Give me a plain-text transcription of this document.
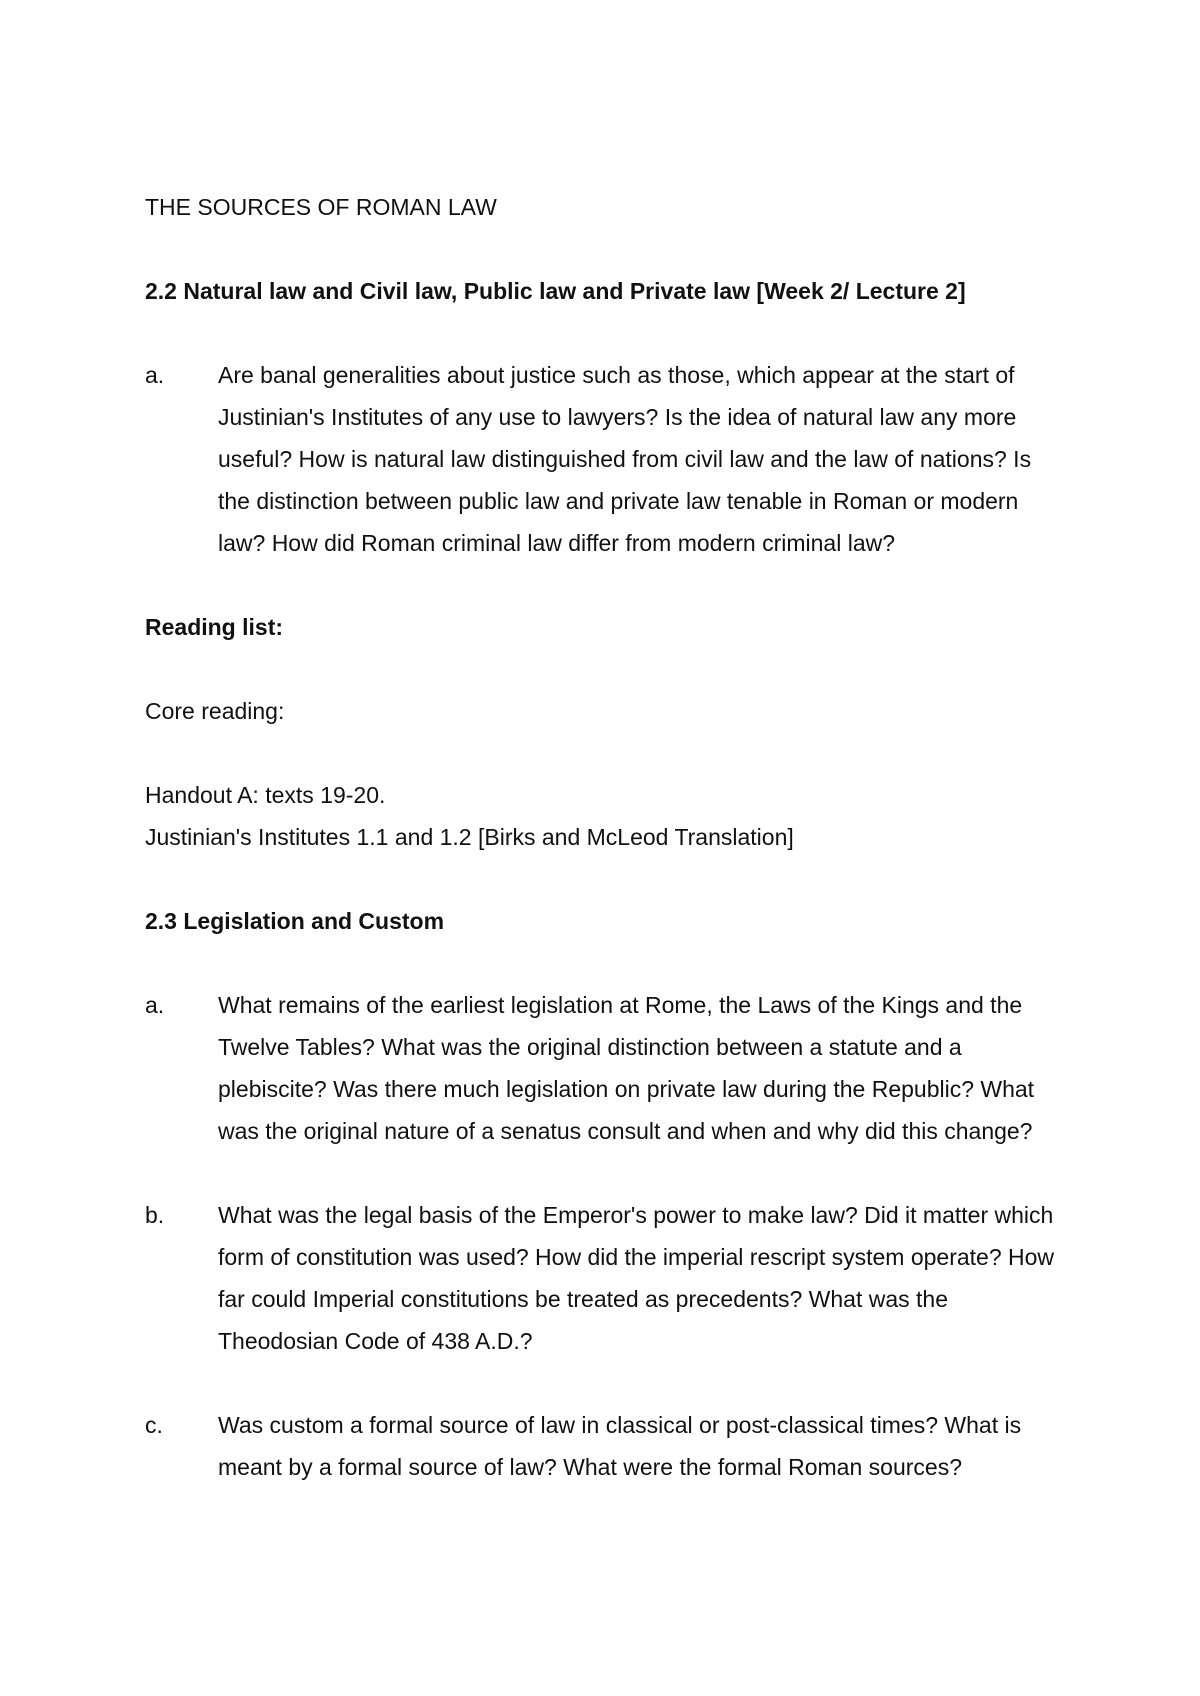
THE SOURCES OF ROMAN LAW

2.2 Natural law and Civil law, Public law and Private law [Week 2/ Lecture 2]

a.	Are banal generalities about justice such as those, which appear at the start of Justinian's Institutes of any use to lawyers? Is the idea of natural law any more useful? How is natural law distinguished from civil law and the law of nations? Is the distinction between public law and private law tenable in Roman or modern law? How did Roman criminal law differ from modern criminal law?

Reading list:

Core reading:

Handout A: texts 19-20.

Justinian's Institutes 1.1 and 1.2 [Birks and McLeod Translation]

2.3 Legislation and Custom

a.	What remains of the earliest legislation at Rome, the Laws of the Kings and the Twelve Tables? What was the original distinction between a statute and a plebiscite? Was there much legislation on private law during the Republic? What was the original nature of a senatus consult and when and why did this change?
b.	What was the legal basis of the Emperor's power to make law? Did it matter which form of constitution was used? How did the imperial rescript system operate? How far could Imperial constitutions be treated as precedents? What was the Theodosian Code of 438 A.D.?
c.	Was custom a formal source of law in classical or post-classical times? What is meant by a formal source of law? What were the formal Roman sources?
